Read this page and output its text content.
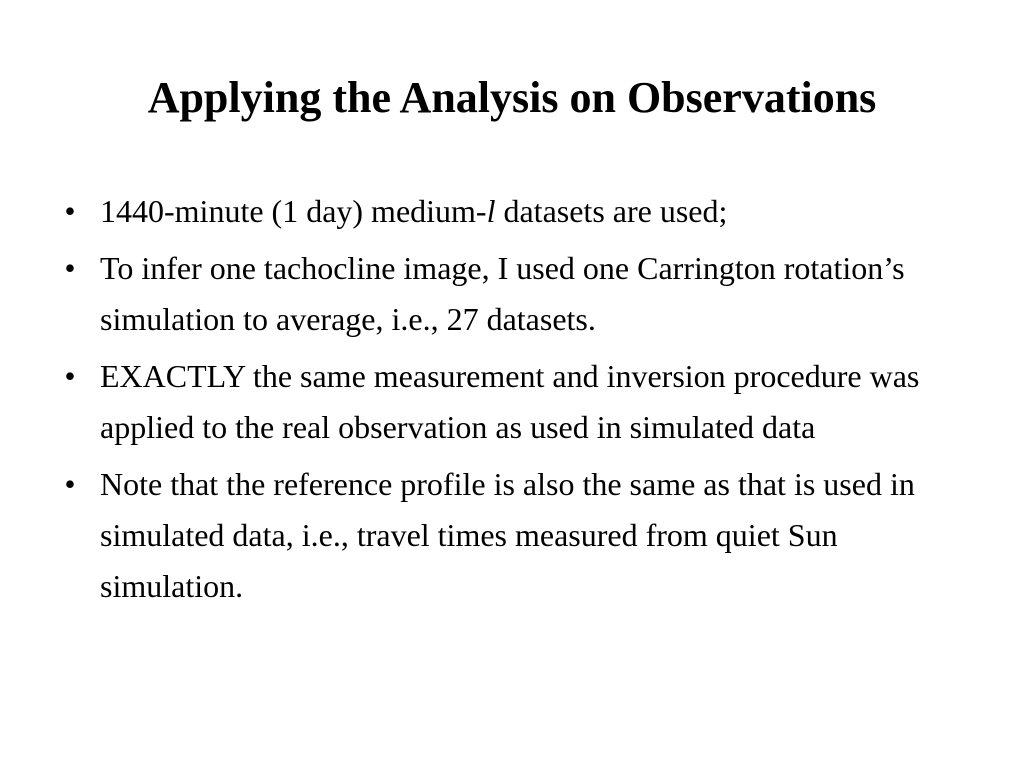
Applying the Analysis on Observations
• 1440-minute (1 day) medium-l datasets are used;
• To infer one tachocline image, I used one Carrington rotation’s simulation to average, i.e., 27 datasets.
• EXACTLY the same measurement and inversion procedure was applied to the real observation as used in simulated data
• Note that the reference profile is also the same as that is used in simulated data, i.e., travel times measured from quiet Sun simulation.
